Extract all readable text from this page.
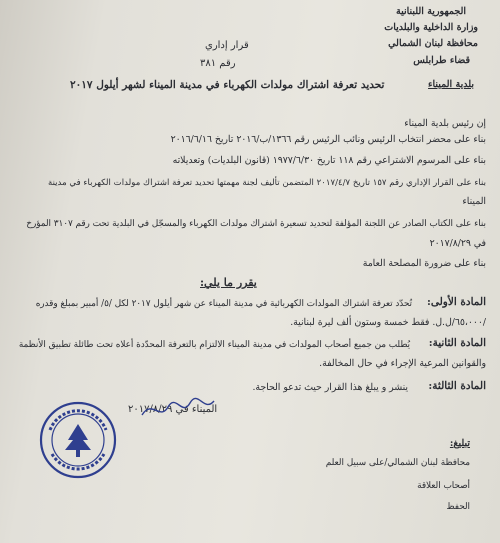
الجمهورية اللبنانية
وزارة الداخلية والبلديات
محافظة لبنان الشمالي
قضاء طرابلس
بلدية الميناء
قرار إداري
رقم ٣٨١
تحديد تعرفة اشتراك مولدات الكهرباء في مدينة الميناء لشهر أيلول ٢٠١٧
إن رئيس بلدية الميناء
بناء على محضر انتخاب الرئيس ونائب الرئيس رقم ١٣٦٦/ب/٢٠١٦ تاريخ ٢٠١٦/٦/١٦
بناء على المرسوم الاشتراعي رقم ١١٨ تاريخ ١٩٧٧/٦/٣٠ (قانون البلديات) وتعديلاته
بناء على القرار الإداري رقم ١٥٧ تاريخ ٢٠١٧/٤/٧ المتضمن تأليف لجنة مهمتها تحديد تعرفة اشتراك مولدات الكهرباء في مدينة
الميناء
بناء على الكتاب الصادر عن اللجنة المؤلفة لتحديد تسعيرة اشتراك مولدات الكهرباء والمسجّل في البلدية تحت رقم ٣١٠٧ المؤرخ
في ٢٠١٧/٨/٢٩
بناء على ضرورة المصلحة العامة
يقرر ما يلي:
المادة الأولى:
تُحدّد تعرفة اشتراك المولدات الكهربائية في مدينة الميناء عن شهر أيلول ٢٠١٧ لكل /٥/ أمبير بمبلغ وقدره
/٦٥،٠٠٠/ل.ل. فقط خمسة وستون ألف ليرة لبنانية.
المادة الثانية:
يُطلب من جميع أصحاب المولدات في مدينة الميناء الالتزام بالتعرفة المحدّدة أعلاه تحت طائلة تطبيق الأنظمة
والقوانين المرعية الإجراء في حال المخالفة.
المادة الثالثة:
ينشر و يبلغ هذا القرار حيث تدعو الحاجة.
الميناء في ٢٠١٧/٨/٢٩
تبليغ:
محافظة لبنان الشمالي/على سبيل العلم
أصحاب العلاقة
الحفظ
